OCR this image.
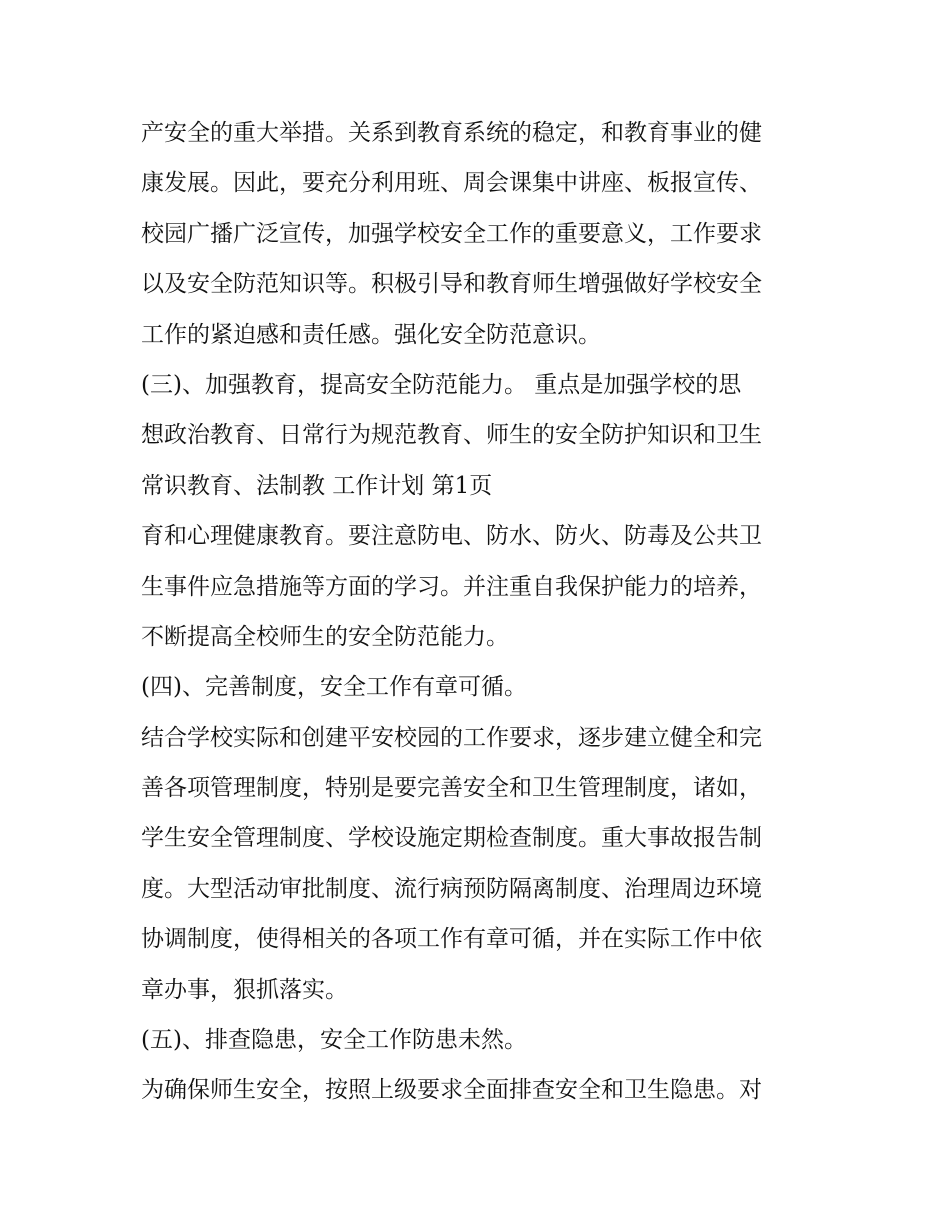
产安全的重大举措。关系到教育系统的稳定，和教育事业的健
康发展。因此，要充分利用班、周会课集中讲座、板报宣传、
校园广播广泛宣传，加强学校安全工作的重要意义，工作要求
以及安全防范知识等。积极引导和教育师生增强做好学校安全
工作的紧迫感和责任感。强化安全防范意识。
(三)、加强教育，提高安全防范能力。 重点是加强学校的思
想政治教育、日常行为规范教育、师生的安全防护知识和卫生
常识教育、法制教 工作计划 第1页
育和心理健康教育。要注意防电、防水、防火、防毒及公共卫
生事件应急措施等方面的学习。并注重自我保护能力的培养，
不断提高全校师生的安全防范能力。
(四)、完善制度，安全工作有章可循。
结合学校实际和创建平安校园的工作要求，逐步建立健全和完
善各项管理制度，特别是要完善安全和卫生管理制度，诸如，
学生安全管理制度、学校设施定期检查制度。重大事故报告制
度。大型活动审批制度、流行病预防隔离制度、治理周边环境
协调制度，使得相关的各项工作有章可循，并在实际工作中依
章办事，狠抓落实。
(五)、排查隐患，安全工作防患未然。
为确保师生安全，按照上级要求全面排查安全和卫生隐患。对
